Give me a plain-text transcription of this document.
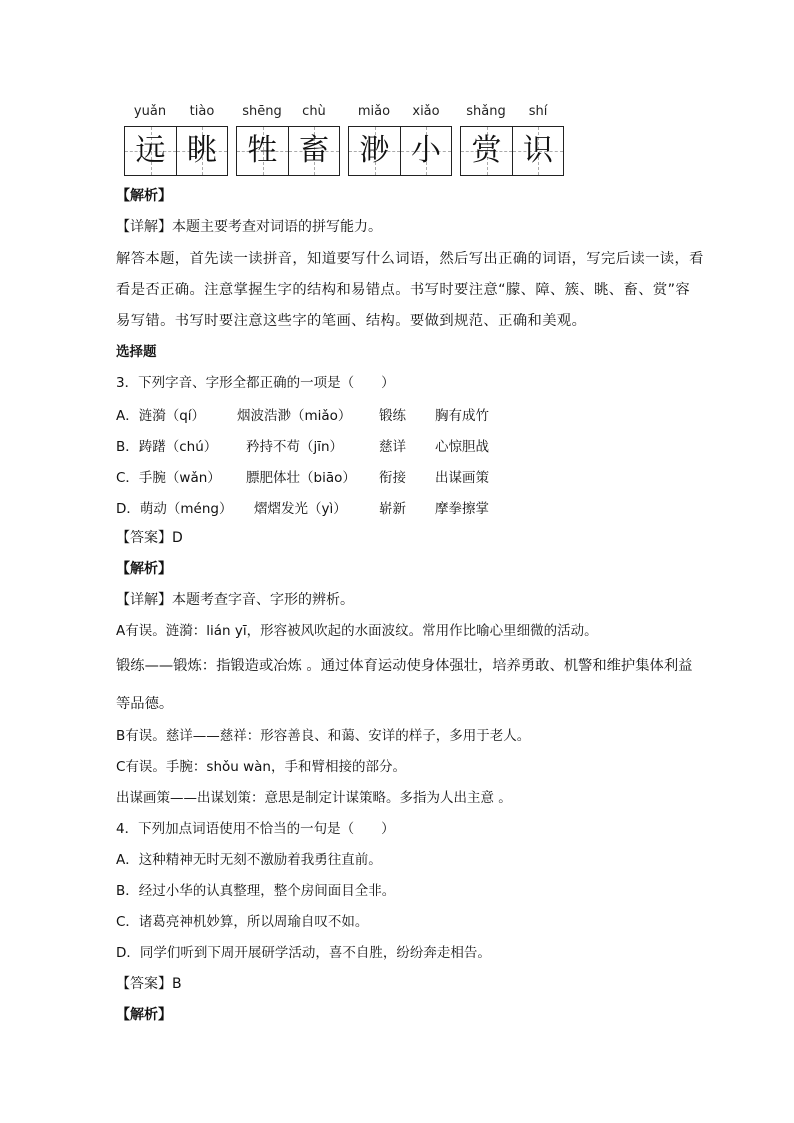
yuǎn	tiào
远 眺
shēng	chù
牲 畜
miǎo	xiǎo
渺 小
shǎng	shí
赏 识
【解析】
【详解】本题主要考查对词语的拼写能力。
解答本题，首先读一读拼音，知道要写什么词语，然后写出正确的词语，写完后读一读，看
看是否正确。注意掌握生字的结构和易错点。书写时要注意“朦、障、簇、眺、畜、赏”容
易写错。书写时要注意这些字的笔画、结构。要做到规范、正确和美观。
选择题
3．下列字音、字形全都正确的一项是（　　）
A．涟漪（qí） 烟波浩渺（miǎo） 锻练 胸有成竹
B．踌躇（chú） 矜持不苟（jīn）	慈详 心惊胆战
C．手腕（wǎn） 膘肥体壮（biāo） 衔接 出谋画策
D．萌动（méng） 熠熠发光（yì） 崭新 摩拳擦掌
【答案】D
【解析】
【详解】本题考查字音、字形的辨析。
A有误。涟漪：lián yī，形容被风吹起的水面波纹。常用作比喻心里细微的活动。
锻练——锻炼：指锻造或冶炼 。通过体育运动使身体强壮，培养勇敢、机警和维护集体利益
等品德。
B有误。慈详——慈祥：形容善良、和蔼、安详的样子，多用于老人。
C有误。手腕：shǒu wàn，手和臂相接的部分。
出谋画策——出谋划策：意思是制定计谋策略。多指为人出主意 。
4．下列加点词语使用不恰当的一句是（　　）
A．这种精神无时无刻不激励着我勇往直前。
B．经过小华的认真整理，整个房间面目全非。
C．诸葛亮神机妙算，所以周瑜自叹不如。
D．同学们听到下周开展研学活动，喜不自胜，纷纷奔走相告。
【答案】B
【解析】
